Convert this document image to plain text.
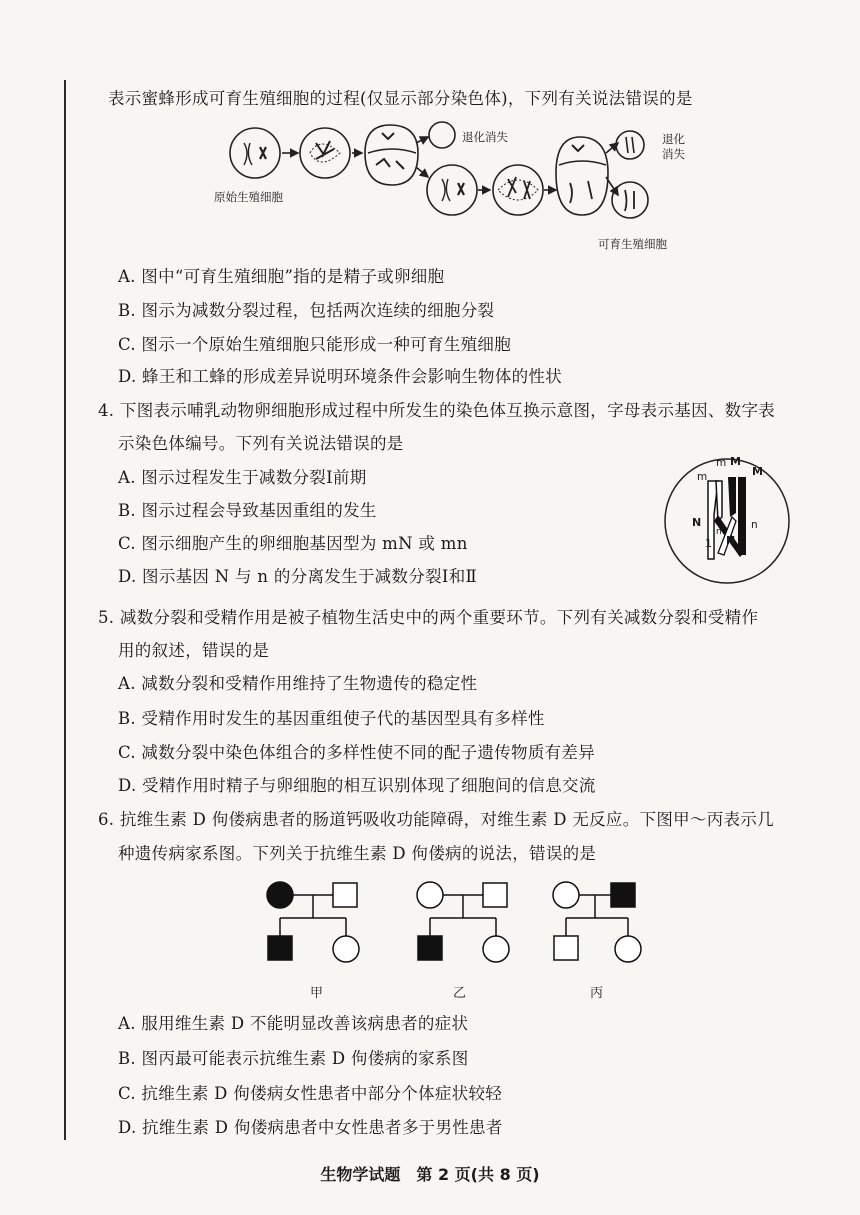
表示蜜蜂形成可育生殖细胞的过程(仅显示部分染色体)，下列有关说法错误的是
原始生殖细胞
退化消失	退化
消失
可育生殖细胞
A. 图中“可育生殖细胞”指的是精子或卵细胞
B. 图示为减数分裂过程，包括两次连续的细胞分裂
C. 图示一个原始生殖细胞只能形成一种可育生殖细胞
D. 蜂王和工蜂的形成差异说明环境条件会影响生物体的性状
4. 下图表示哺乳动物卵细胞形成过程中所发生的染色体互换示意图，字母表示基因、数字表
示染色体编号。下列有关说法错误的是
A. 图示过程发生于减数分裂Ⅰ前期
B. 图示过程会导致基因重组的发生
C. 图示细胞产生的卵细胞基因型为 mN 或 mn
D. 图示基因 N 与 n 的分离发生于减数分裂Ⅰ和Ⅱ
m
m M
M
N
N
n
n
1 2
5. 减数分裂和受精作用是被子植物生活史中的两个重要环节。下列有关减数分裂和受精作
用的叙述，错误的是
A. 减数分裂和受精作用维持了生物遗传的稳定性
B. 受精作用时发生的基因重组使子代的基因型具有多样性
C. 减数分裂中染色体组合的多样性使不同的配子遗传物质有差异
D. 受精作用时精子与卵细胞的相互识别体现了细胞间的信息交流
6. 抗维生素 D 佝偻病患者的肠道钙吸收功能障碍，对维生素 D 无反应。下图甲～丙表示几
种遗传病家系图。下列关于抗维生素 D 佝偻病的说法，错误的是
甲	乙	丙
A. 服用维生素 D 不能明显改善该病患者的症状
B. 图丙最可能表示抗维生素 D 佝偻病的家系图
C. 抗维生素 D 佝偻病女性患者中部分个体症状较轻
D. 抗维生素 D 佝偻病患者中女性患者多于男性患者
生物学试题　第 2 页(共 8 页)
